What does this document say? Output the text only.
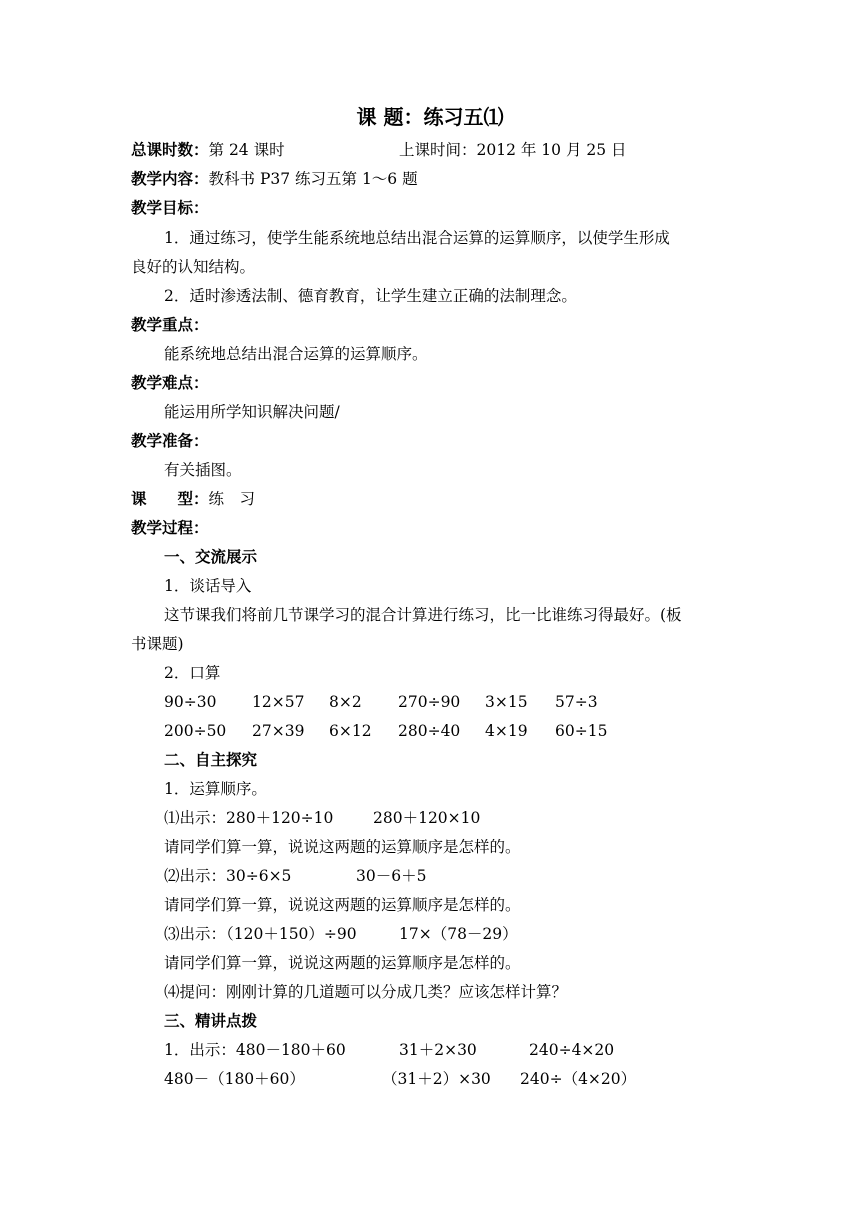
课 题：练习五⑴
总课时数：第 24 课时	上课时间：2012 年 10 月 25 日
教学内容：教科书 P37 练习五第 1～6 题
教学目标：
1．通过练习，使学生能系统地总结出混合运算的运算顺序，以使学生形成
良好的认知结构。
2．适时渗透法制、德育教育，让学生建立正确的法制理念。
教学重点：
能系统地总结出混合运算的运算顺序。
教学难点：
能运用所学知识解决问题/
教学准备：
有关插图。
课　　型：练　习
教学过程：
一、交流展示
1．谈话导入
这节课我们将前几节课学习的混合计算进行练习，比一比谁练习得最好。(板
书课题)
2．口算
90÷30 12×57 8×2 270÷90 3×15 57÷3
200÷50 27×39 6×12 280÷40 4×19 60÷15
二、自主探究
1．运算顺序。
⑴出示：280＋120÷10	280＋120×10
请同学们算一算，说说这两题的运算顺序是怎样的。
⑵出示：30÷6×5	30－6＋5
请同学们算一算，说说这两题的运算顺序是怎样的。
⑶出示：（120＋150）÷90	17×（78－29）
请同学们算一算，说说这两题的运算顺序是怎样的。
⑷提问：刚刚计算的几道题可以分成几类？应该怎样计算？
三、精讲点拨
1．出示：480－180＋60	31＋2×30	240÷4×20
480－（180＋60）	（31＋2）×30 240÷（4×20）
